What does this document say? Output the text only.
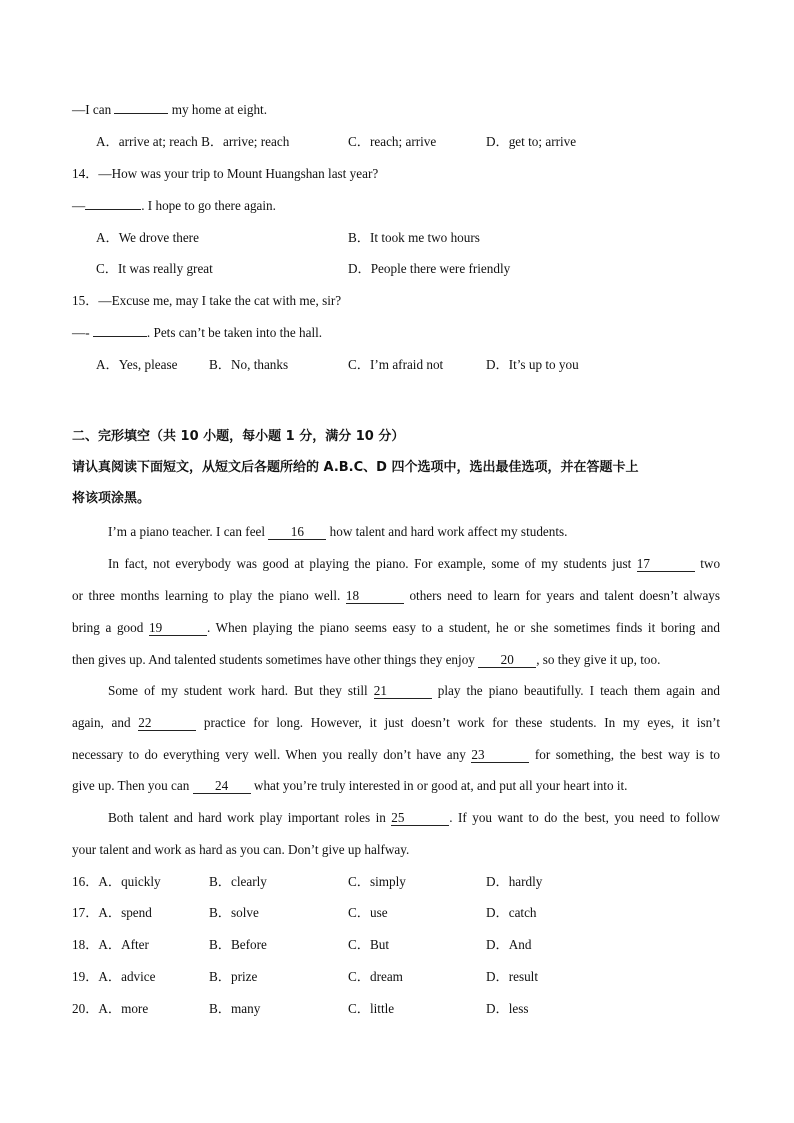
—I can	my home at eight.
A．arrive at; reach B．arrive; reach	C．reach; arrive	D．get to; arrive
14．—How was your trip to Mount Huangshan last year?
—	. I hope to go there again.
A．We drove there	B．It took me two hours
C．It was really great	D．People there were friendly
15．—Excuse me, may I take the cat with me, sir?
—-	. Pets can’t be taken into the hall.
A．Yes, please B．No, thanks	C．I’m afraid not	D．It’s up to you
二、完形填空（共 10 小题，每小题 1 分，满分 10 分）
请认真阅读下面短文，从短文后各题所给的 A.B.C、D 四个选项中，选出最佳选项，并在答题卡上
将该项涂黑。
I’m a piano teacher. I can feel 16 how talent and hard work affect my students.
In fact, not everybody was good at playing the piano. For example, some of my students just 17	two
or three months learning to play the piano well. 18	others need to learn for years and talent doesn’t always
bring a good 19	. When playing the piano seems easy to a student, he or she sometimes finds it boring and
then gives up. And talented students sometimes have other things they enjoy 20 , so they give it up, too.
Some of my student work hard. But they still 21	play the piano beautifully. I teach them again and
again, and 22	practice for long. However, it just doesn’t work for these students. In my eyes, it isn’t
necessary to do everything very well. When you really don’t have any 23	for something, the best way is to
give up. Then you can 24 what you’re truly interested in or good at, and put all your heart into it.
Both talent and hard work play important roles in 25	. If you want to do the best, you need to follow
your talent and work as hard as you can. Don’t give up halfway.
16．A．quickly	B．clearly	C．simply	D．hardly
17．A．spend	B．solve	C．use	D．catch
18．A．After	B．Before	C．But	D．And
19．A．advice	B．prize	C．dream	D．result
20．A．more	B．many	C．little	D．less
